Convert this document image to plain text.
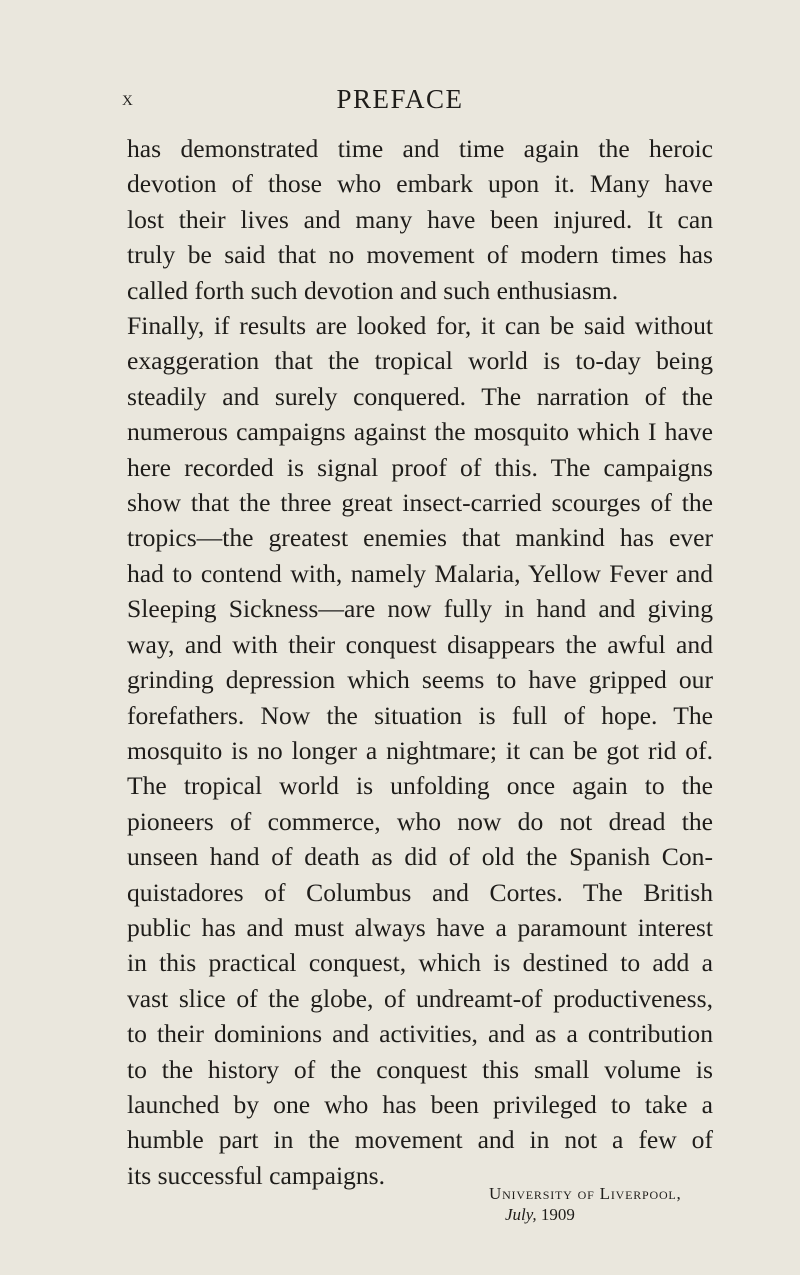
x	PREFACE
has demonstrated time and time again the heroic
devotion of those who embark upon it. Many have
lost their lives and many have been injured. It can
truly be said that no movement of modern times has
called forth such devotion and such enthusiasm.
Finally, if results are looked for, it can be said without
exaggeration that the tropical world is to-day being
steadily and surely conquered. The narration of the
numerous campaigns against the mosquito which I have
here recorded is signal proof of this. The campaigns
show that the three great insect-carried scourges of the
tropics—the greatest enemies that mankind has ever
had to contend with, namely Malaria, Yellow Fever and
Sleeping Sickness—are now fully in hand and giving
way, and with their conquest disappears the awful and
grinding depression which seems to have gripped our
forefathers. Now the situation is full of hope. The
mosquito is no longer a nightmare; it can be got rid of.
The tropical world is unfolding once again to the
pioneers of commerce, who now do not dread the
unseen hand of death as did of old the Spanish Con-
quistadores of Columbus and Cortes. The British
public has and must always have a paramount interest
in this practical conquest, which is destined to add a
vast slice of the globe, of undreamt-of productiveness,
to their dominions and activities, and as a contribution
to the history of the conquest this small volume is
launched by one who has been privileged to take a
humble part in the movement and in not a few of
its successful campaigns.
University of Liverpool,
July, 1909
